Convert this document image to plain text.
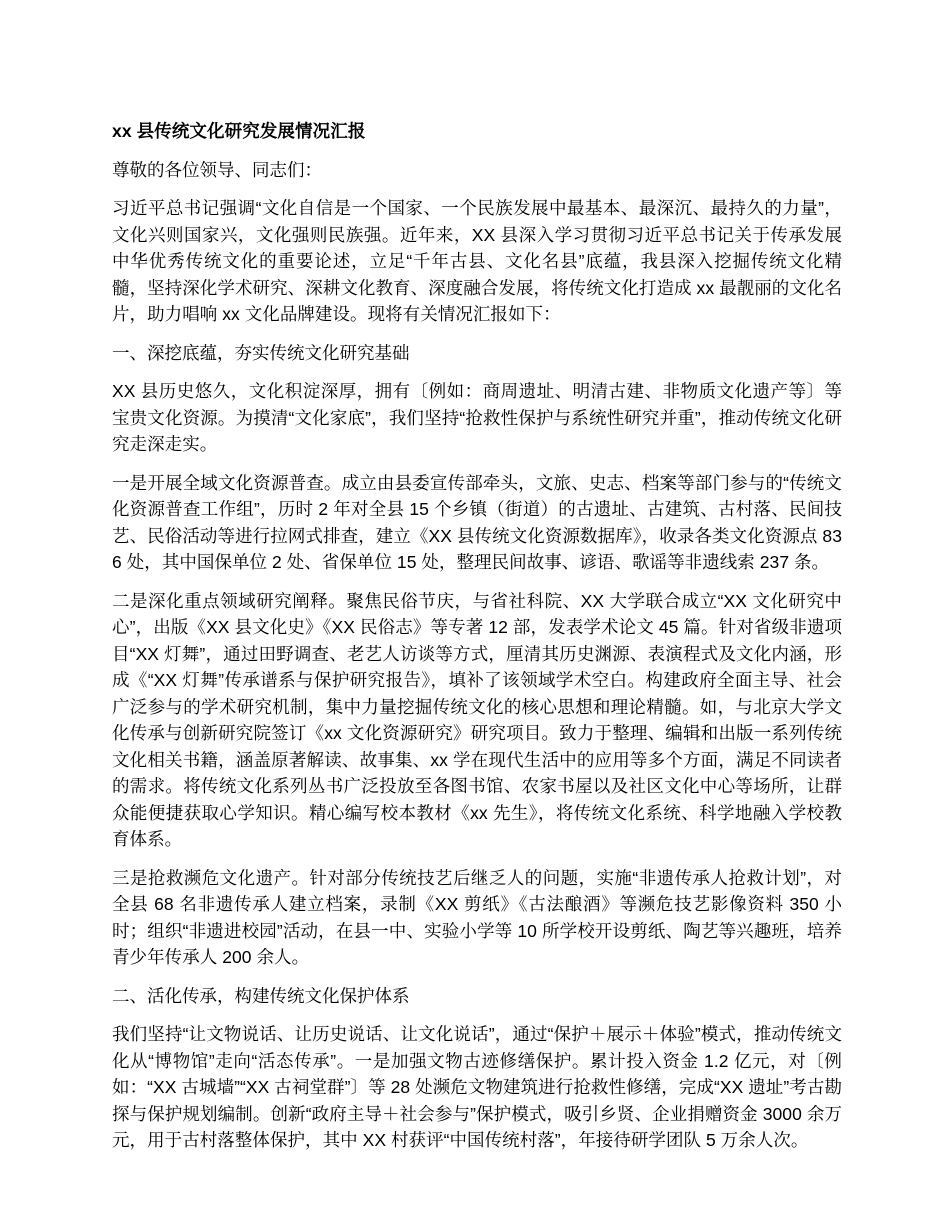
xx 县传统文化研究发展情况汇报

尊敬的各位领导、同志们：

习近平总书记强调“文化自信是一个国家、一个民族发展中最基本、最深沉、最持久的力量”，文化兴则国家兴，文化强则民族强。近年来，XX 县深入学习贯彻习近平总书记关于传承发展中华优秀传统文化的重要论述，立足“千年古县、文化名县”底蕴，我县深入挖掘传统文化精髓，坚持深化学术研究、深耕文化教育、深度融合发展，将传统文化打造成 xx 最靓丽的文化名片，助力唱响 xx 文化品牌建设。现将有关情况汇报如下：

一、深挖底蕴，夯实传统文化研究基础

XX 县历史悠久，文化积淀深厚，拥有〔例如：商周遗址、明清古建、非物质文化遗产等〕等宝贵文化资源。为摸清“文化家底”，我们坚持“抢救性保护与系统性研究并重”，推动传统文化研究走深走实。

一是开展全域文化资源普查。成立由县委宣传部牵头，文旅、史志、档案等部门参与的“传统文化资源普查工作组”，历时 2 年对全县 15 个乡镇（街道）的古遗址、古建筑、古村落、民间技艺、民俗活动等进行拉网式排查，建立《XX 县传统文化资源数据库》，收录各类文化资源点 836 处，其中国保单位 2 处、省保单位 15 处，整理民间故事、谚语、歌谣等非遗线索 237 条。

二是深化重点领域研究阐释。聚焦民俗节庆，与省社科院、XX 大学联合成立“XX 文化研究中心”，出版《XX 县文化史》《XX 民俗志》等专著 12 部，发表学术论文 45 篇。针对省级非遗项目“XX 灯舞”，通过田野调查、老艺人访谈等方式，厘清其历史渊源、表演程式及文化内涵，形成《“XX 灯舞”传承谱系与保护研究报告》，填补了该领域学术空白。构建政府全面主导、社会广泛参与的学术研究机制，集中力量挖掘传统文化的核心思想和理论精髓。如，与北京大学文化传承与创新研究院签订《xx 文化资源研究》研究项目。致力于整理、编辑和出版一系列传统文化相关书籍，涵盖原著解读、故事集、xx 学在现代生活中的应用等多个方面，满足不同读者的需求。将传统文化系列丛书广泛投放至各图书馆、农家书屋以及社区文化中心等场所，让群众能便捷获取心学知识。精心编写校本教材《xx 先生》，将传统文化系统、科学地融入学校教育体系。

三是抢救濒危文化遗产。针对部分传统技艺后继乏人的问题，实施“非遗传承人抢救计划”，对全县 68 名非遗传承人建立档案，录制《XX 剪纸》《古法酿酒》等濒危技艺影像资料 350 小时；组织“非遗进校园”活动，在县一中、实验小学等 10 所学校开设剪纸、陶艺等兴趣班，培养青少年传承人 200 余人。

二、活化传承，构建传统文化保护体系

我们坚持“让文物说话、让历史说话、让文化说话”，通过“保护＋展示＋体验”模式，推动传统文化从“博物馆”走向“活态传承”。一是加强文物古迹修缮保护。累计投入资金 1.2 亿元，对〔例如：“XX 古城墙”“XX 古祠堂群”〕等 28 处濒危文物建筑进行抢救性修缮，完成“XX 遗址”考古勘探与保护规划编制。创新“政府主导＋社会参与”保护模式，吸引乡贤、企业捐赠资金 3000 余万元，用于古村落整体保护，其中 XX 村获评“中国传统村落”，年接待研学团队 5 万余人次。
